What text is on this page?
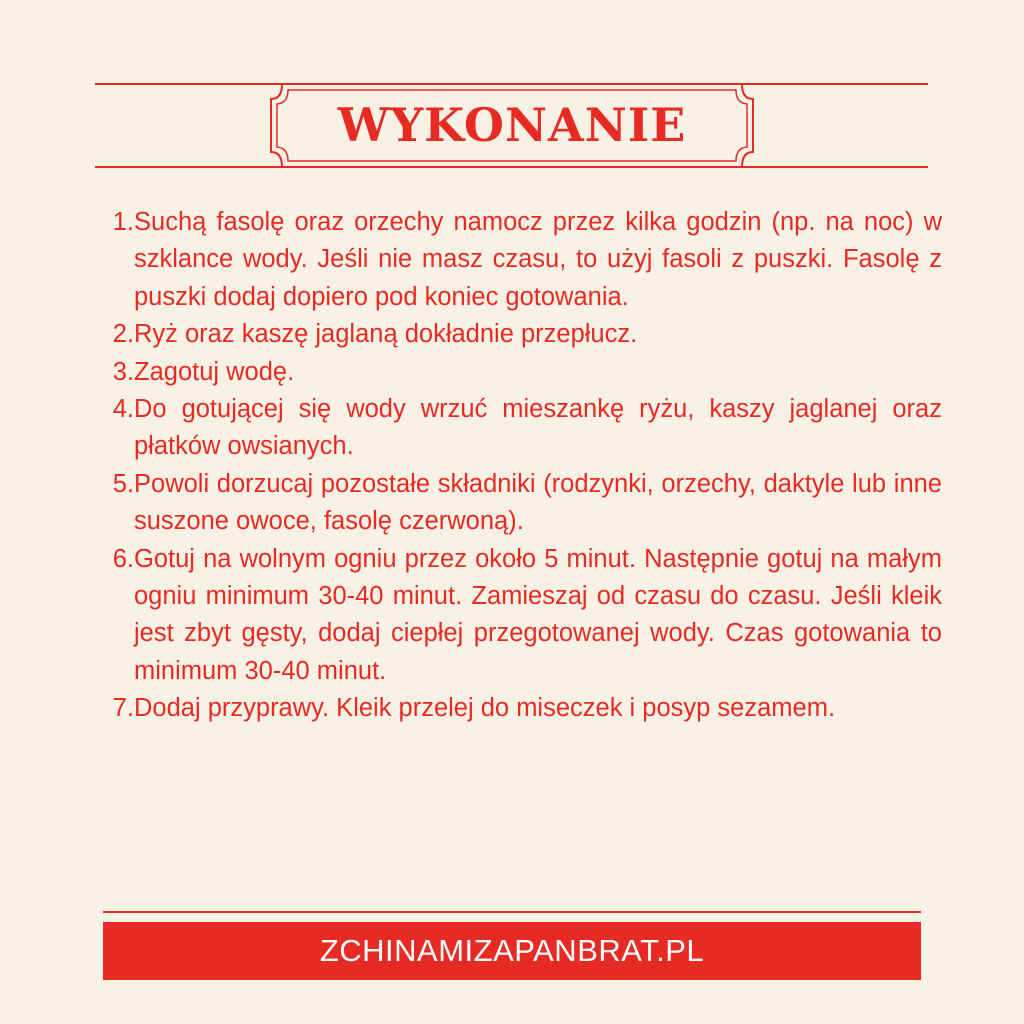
WYKONANIE
1. Suchą fasolę oraz orzechy namocz przez kilka godzin (np. na noc) w szklance wody. Jeśli nie masz czasu, to użyj fasoli z puszki. Fasolę z puszki dodaj dopiero pod koniec gotowania.
2. Ryż oraz kaszę jaglaną dokładnie przepłucz.
3. Zagotuj wodę.
4. Do gotującej się wody wrzuć mieszankę ryżu, kaszy jaglanej oraz płatków owsianych.
5. Powoli dorzucaj pozostałe składniki (rodzynki, orzechy, daktyle lub inne suszone owoce, fasolę czerwoną).
6. Gotuj na wolnym ogniu przez około 5 minut. Następnie gotuj na małym ogniu minimum 30-40 minut. Zamieszaj od czasu do czasu. Jeśli kleik jest zbyt gęsty, dodaj ciepłej przegotowanej wody. Czas gotowania to minimum 30-40 minut.
7. Dodaj przyprawy. Kleik przelej do miseczek i posyp sezamem.
ZCHINAMIZAPANBRAT.PL
